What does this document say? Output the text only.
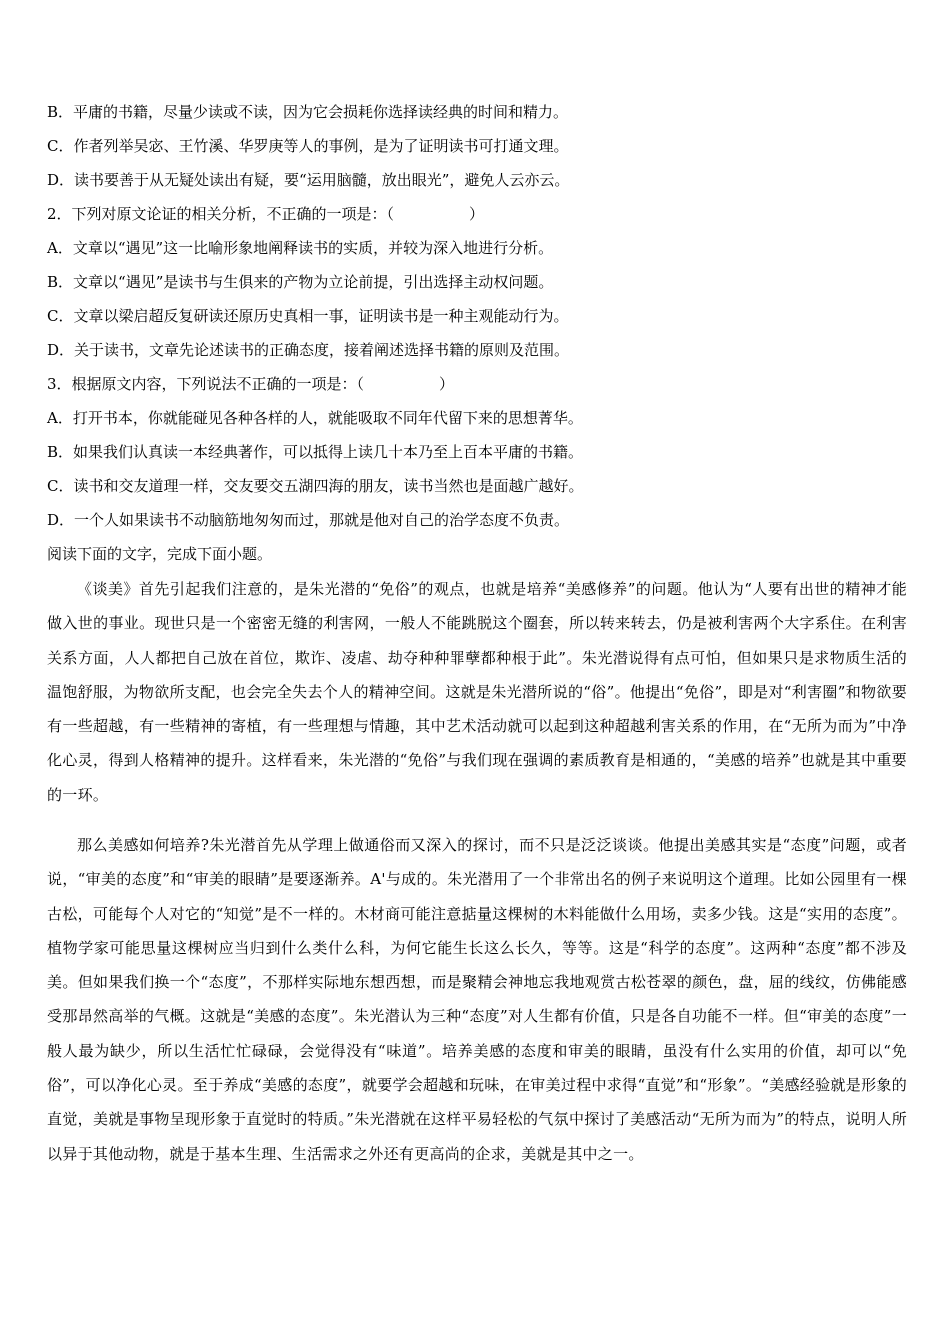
B．平庸的书籍，尽量少读或不读，因为它会损耗你选择读经典的时间和精力。
C．作者列举吴宓、王竹溪、华罗庚等人的事例，是为了证明读书可打通文理。
D．读书要善于从无疑处读出有疑，要“运用脑髓，放出眼光”，避免人云亦云。
2．下列对原文论证的相关分析，不正确的一项是：（　　　　　）
A．文章以“遇见”这一比喻形象地阐释读书的实质，并较为深入地进行分析。
B．文章以“遇见”是读书与生俱来的产物为立论前提，引出选择主动权问题。
C．文章以梁启超反复研读还原历史真相一事，证明读书是一种主观能动行为。
D．关于读书，文章先论述读书的正确态度，接着阐述选择书籍的原则及范围。
3．根据原文内容，下列说法不正确的一项是：（　　　　　）
A．打开书本，你就能碰见各种各样的人，就能吸取不同年代留下来的思想菁华。
B．如果我们认真读一本经典著作，可以抵得上读几十本乃至上百本平庸的书籍。
C．读书和交友道理一样，交友要交五湖四海的朋友，读书当然也是面越广越好。
D．一个人如果读书不动脑筋地匆匆而过，那就是他对自己的治学态度不负责。
阅读下面的文字，完成下面小题。
《谈美》首先引起我们注意的，是朱光潜的“免俗”的观点，也就是培养“美感修养”的问题。他认为“人要有出世的精神才能做入世的事业。现世只是一个密密无缝的利害网，一般人不能跳脱这个圈套，所以转来转去，仍是被利害两个大字系住。在利害关系方面，人人都把自己放在首位，欺诈、凌虐、劫夺种种罪孽都种根于此”。朱光潜说得有点可怕，但如果只是求物质生活的温饱舒服，为物欲所支配，也会完全失去个人的精神空间。这就是朱光潜所说的“俗”。他提出“免俗”，即是对“利害圈”和物欲要有一些超越，有一些精神的寄植，有一些理想与情趣，其中艺术活动就可以起到这种超越利害关系的作用，在“无所为而为”中净化心灵，得到人格精神的提升。这样看来，朱光潜的“免俗”与我们现在强调的素质教育是相通的，“美感的培养”也就是其中重要的一环。
那么美感如何培养?朱光潜首先从学理上做通俗而又深入的探讨，而不只是泛泛谈谈。他提出美感其实是“态度”问题，或者说，“审美的态度”和“审美的眼睛”是要逐渐养。A'与成的。朱光潜用了一个非常出名的例子来说明这个道理。比如公园里有一棵古松，可能每个人对它的“知觉”是不一样的。木材商可能注意掂量这棵树的木料能做什么用场，卖多少钱。这是“实用的态度”。植物学家可能思量这棵树应当归到什么类什么科，为何它能生长这么长久，等等。这是“科学的态度”。这两种“态度”都不涉及美。但如果我们换一个“态度”，不那样实际地东想西想，而是聚精会神地忘我地观赏古松苍翠的颜色，盘，屈的线纹，仿佛能感受那昂然高举的气概。这就是“美感的态度”。朱光潜认为三种“态度”对人生都有价值，只是各自功能不一样。但“审美的态度”一般人最为缺少，所以生活忙忙碌碌，会觉得没有“味道”。培养美感的态度和审美的眼睛，虽没有什么实用的价值，却可以“免俗”，可以净化心灵。至于养成“美感的态度”，就要学会超越和玩味，在审美过程中求得“直觉”和“形象”。“美感经验就是形象的直觉，美就是事物呈现形象于直觉时的特质。”朱光潜就在这样平易轻松的气氛中探讨了美感活动“无所为而为”的特点，说明人所以异于其他动物，就是于基本生理、生活需求之外还有更高尚的企求，美就是其中之一。
